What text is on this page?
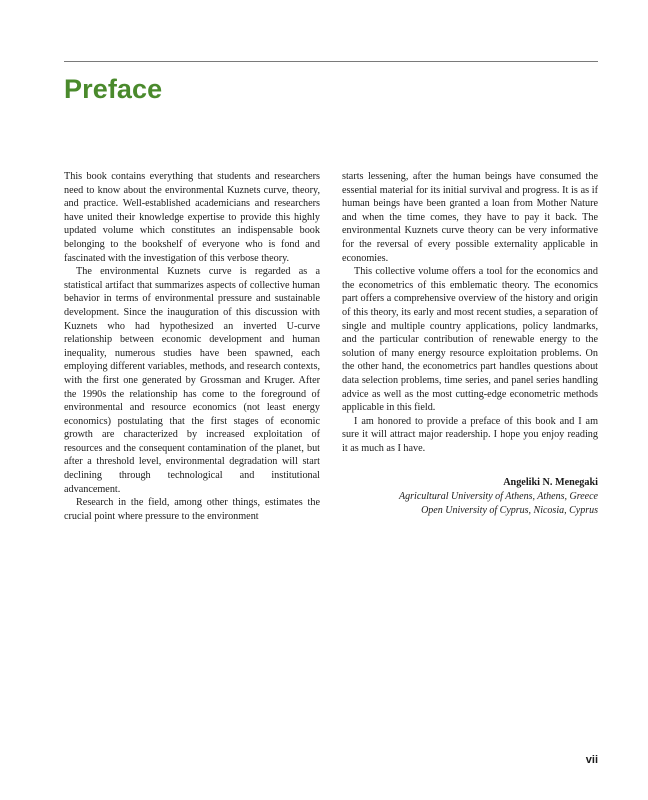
Preface

This book contains everything that students and researchers need to know about the environmental Kuznets curve, theory, and practice. Well-established academicians and researchers have united their knowledge expertise to provide this highly updated volume which constitutes an indispensable book belonging to the bookshelf of everyone who is fond and fascinated with the investigation of this verbose theory.

The environmental Kuznets curve is regarded as a statistical artifact that summarizes aspects of collective human behavior in terms of environmental pressure and sustainable development. Since the inauguration of this discussion with Kuznets who had hypothesized an inverted U-curve relationship between economic development and human inequality, numerous studies have been spawned, each employing different variables, methods, and research contexts, with the first one generated by Grossman and Kruger. After the 1990s the relationship has come to the foreground of environmental and resource economics (not least energy economics) postulating that the first stages of economic growth are characterized by increased exploitation of resources and the consequent contamination of the planet, but after a threshold level, environmental degradation will start declining through technological and institutional advancement.

Research in the field, among other things, estimates the crucial point where pressure to the environment

starts lessening, after the human beings have consumed the essential material for its initial survival and progress. It is as if human beings have been granted a loan from Mother Nature and when the time comes, they have to pay it back. The environmental Kuznets curve theory can be very informative for the reversal of every possible externality applicable in economies.

This collective volume offers a tool for the economics and the econometrics of this emblematic theory. The economics part offers a comprehensive overview of the history and origin of this theory, its early and most recent studies, a separation of single and multiple country applications, policy landmarks, and the particular contribution of renewable energy to the solution of many energy resource exploitation problems. On the other hand, the econometrics part handles questions about data selection problems, time series, and panel series handling advice as well as the most cutting-edge econometric methods applicable in this field.

I am honored to provide a preface of this book and I am sure it will attract major readership. I hope you enjoy reading it as much as I have.

Angeliki N. Menegaki
Agricultural University of Athens, Athens, Greece
Open University of Cyprus, Nicosia, Cyprus
vii
